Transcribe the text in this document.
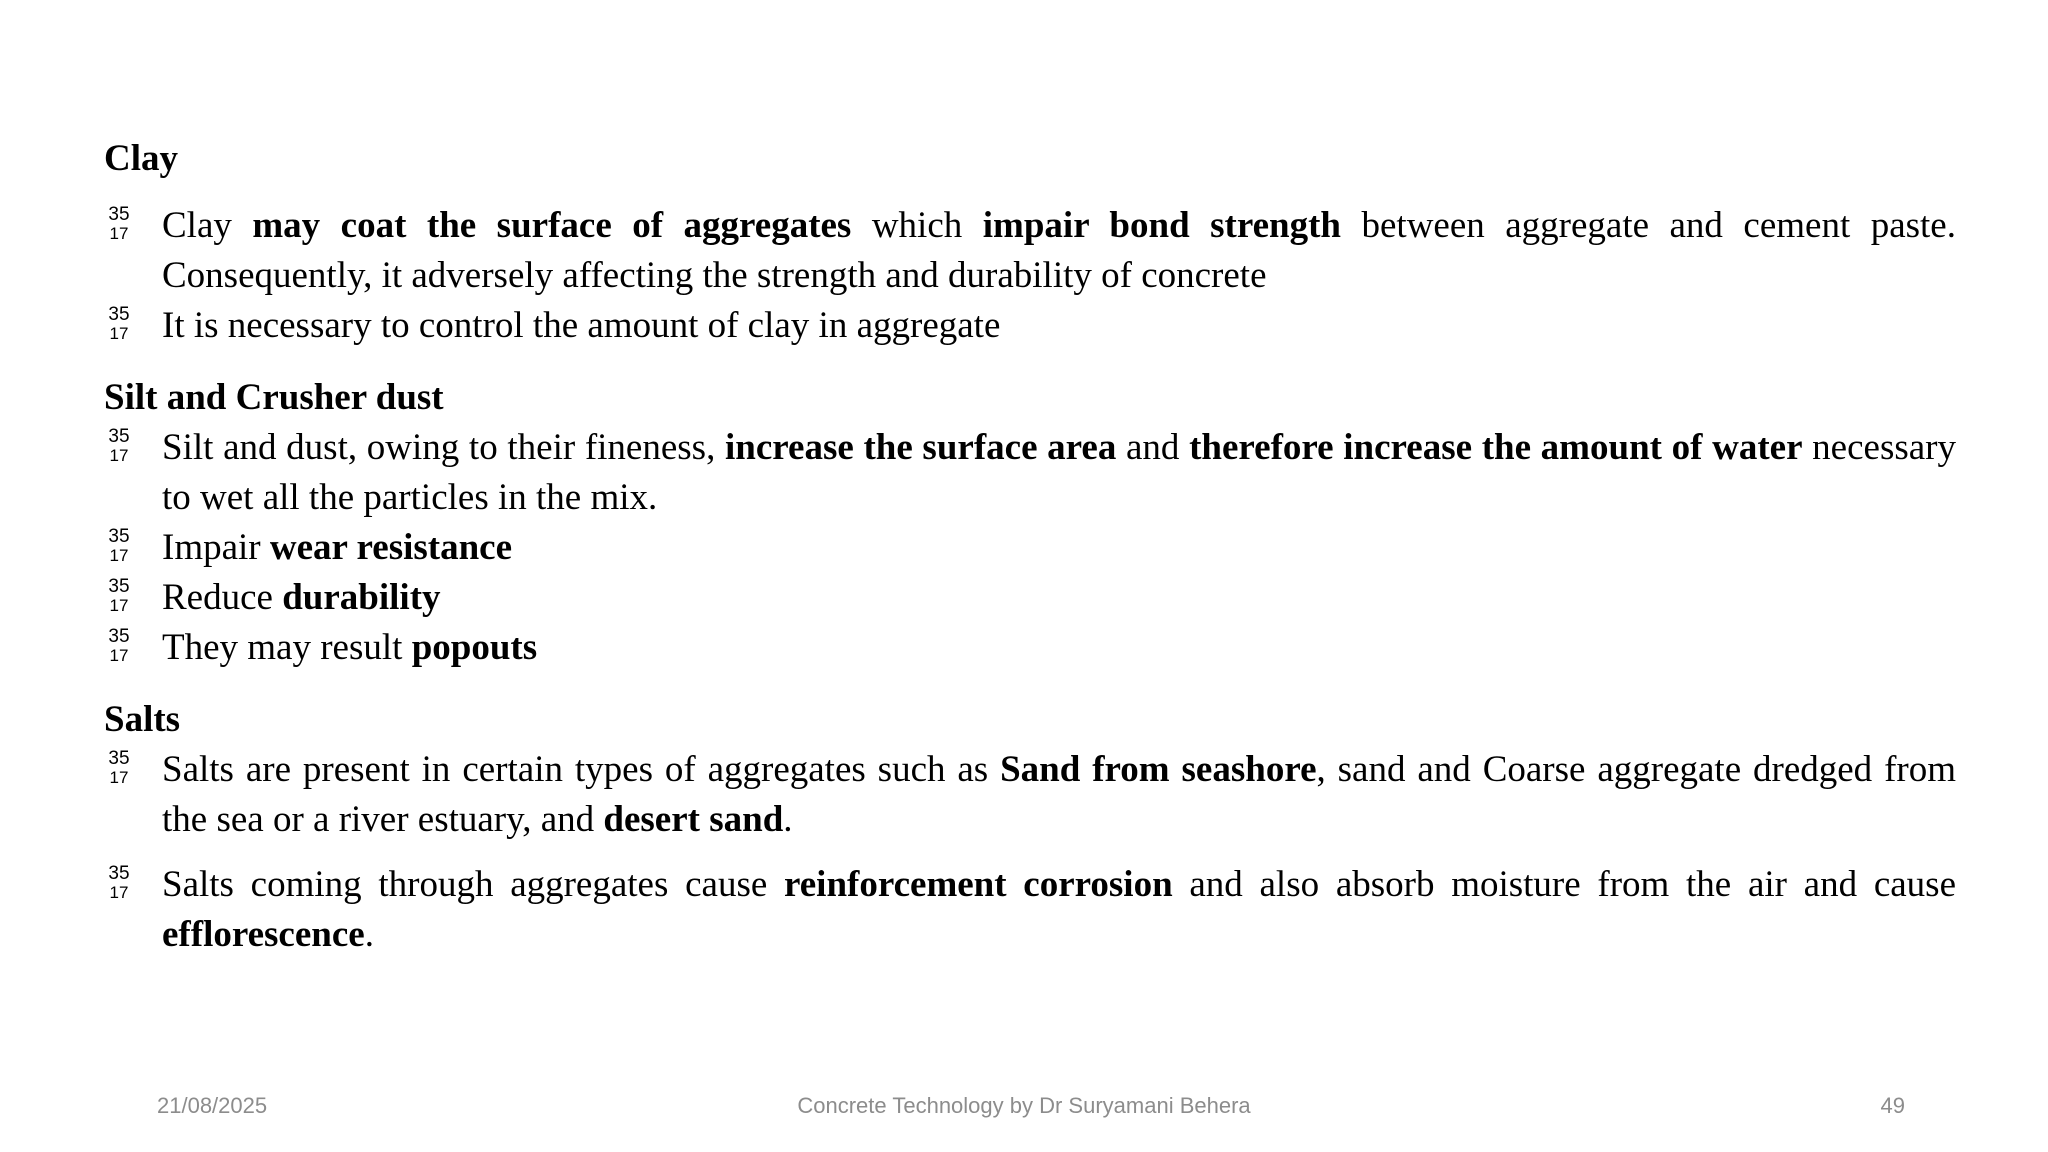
Clay

35
17 Clay may coat the surface of aggregates which impair bond strength between aggregate and cement paste. Consequently, it adversely affecting the strength and durability of concrete
35
17 It is necessary to control the amount of clay in aggregate

Silt and Crusher dust

35
17 Silt and dust, owing to their fineness, increase the surface area and therefore increase the amount of water necessary to wet all the particles in the mix.
35
17 Impair wear resistance
35
17 Reduce durability
35
17 They may result popouts

Salts

35
17 Salts are present in certain types of aggregates such as Sand from seashore, sand and Coarse aggregate dredged from the sea or a river estuary, and desert sand.
35
17 Salts coming through aggregates cause reinforcement corrosion and also absorb moisture from the air and cause efflorescence.
21/08/2025	Concrete Technology by Dr Suryamani Behera	49
